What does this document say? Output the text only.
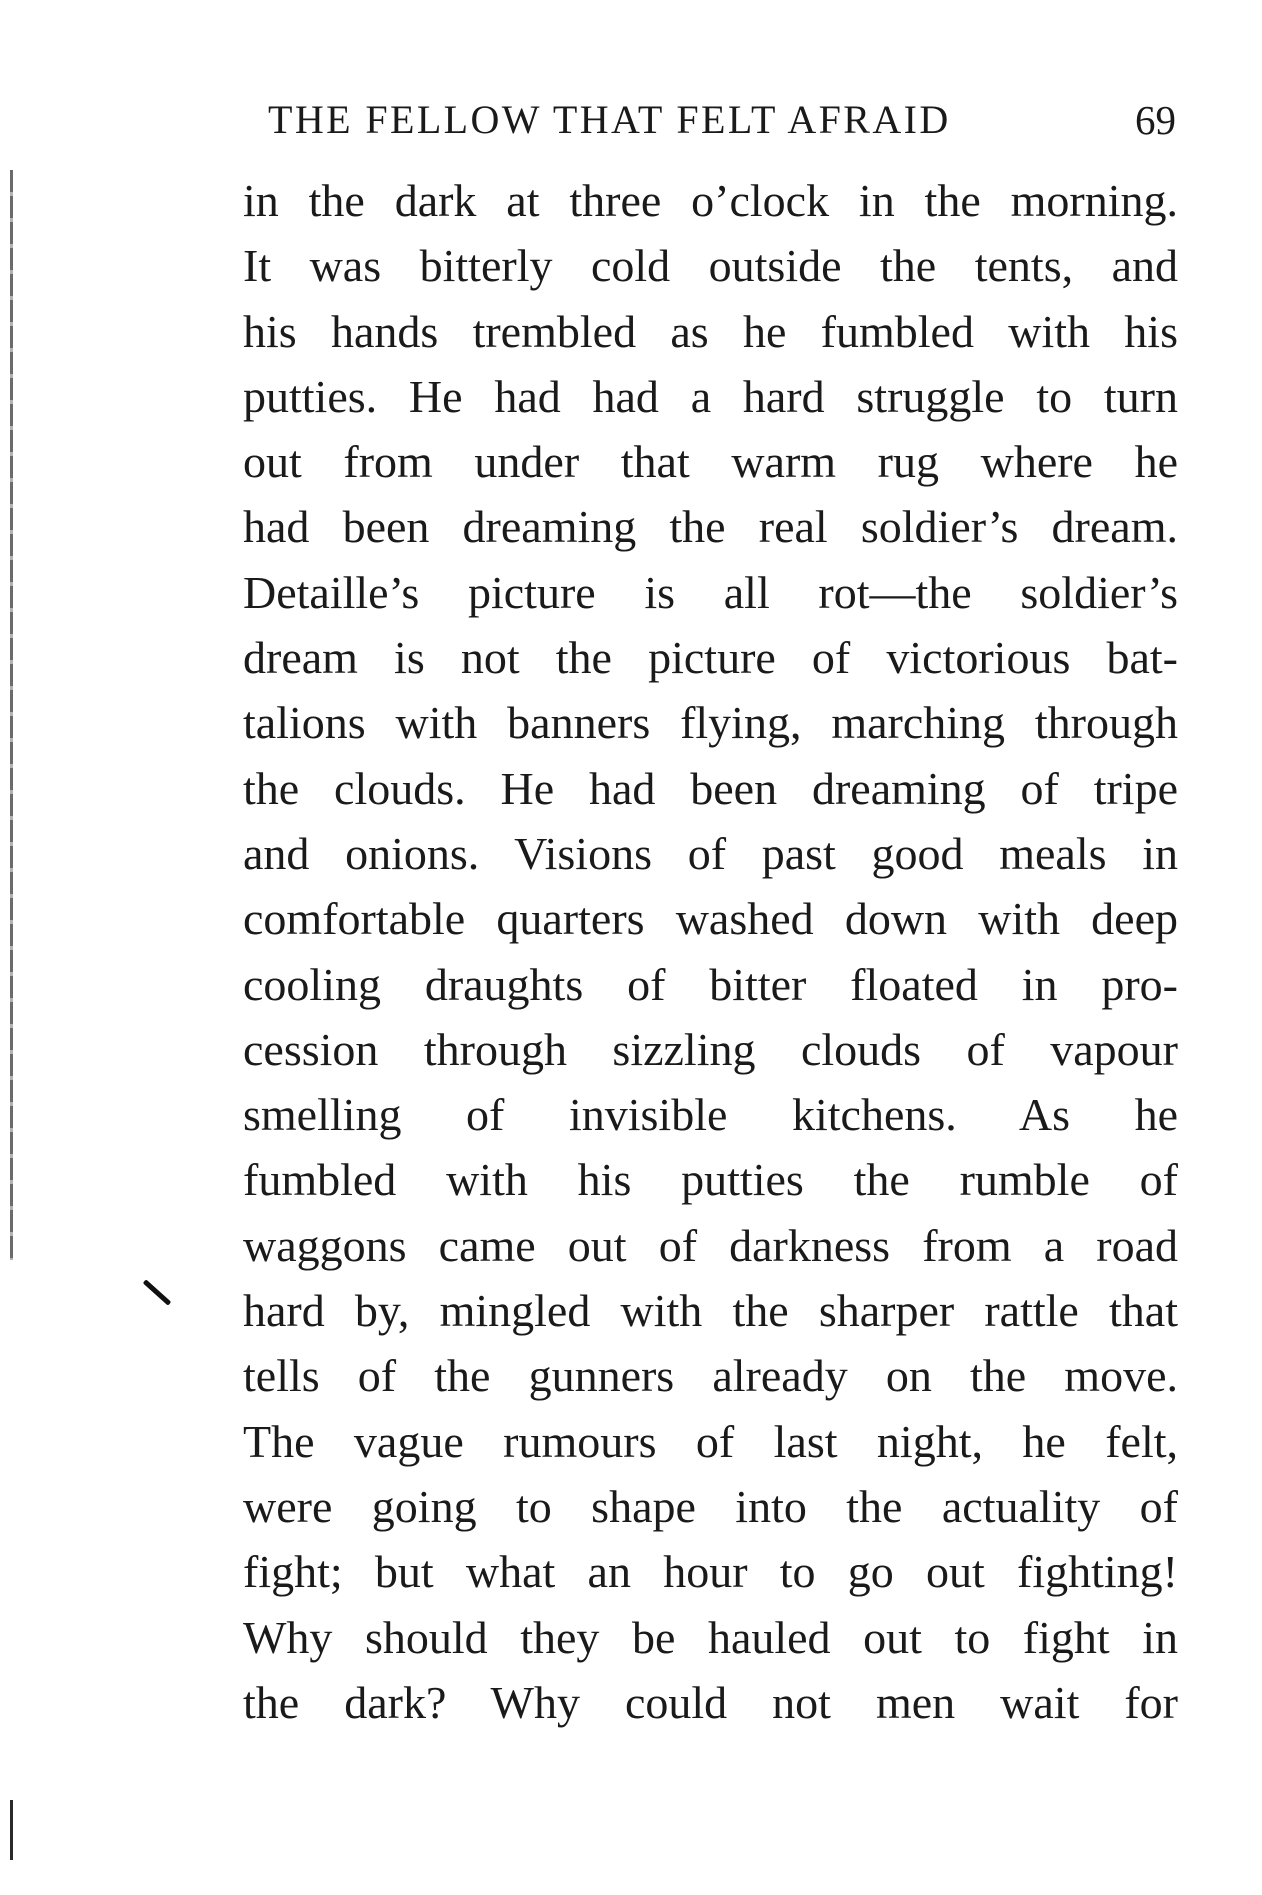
THE FELLOW THAT FELT AFRAID	69
in the dark at three o’clock in the morning.
It was bitterly cold outside the tents, and
his hands trembled as he fumbled with his
putties. He had had a hard struggle to turn
out from under that warm rug where he
had been dreaming the real soldier’s dream.
Detaille’s picture is all rot—the soldier’s
dream is not the picture of victorious bat-
talions with banners flying, marching through
the clouds. He had been dreaming of tripe
and onions. Visions of past good meals in
comfortable quarters washed down with deep
cooling draughts of bitter floated in pro-
cession through sizzling clouds of vapour
smelling of invisible kitchens. As he
fumbled with his putties the rumble of
waggons came out of darkness from a road
hard by, mingled with the sharper rattle that
tells of the gunners already on the move.
The vague rumours of last night, he felt,
were going to shape into the actuality of
fight; but what an hour to go out fighting!
Why should they be hauled out to fight in
the dark? Why could not men wait for
